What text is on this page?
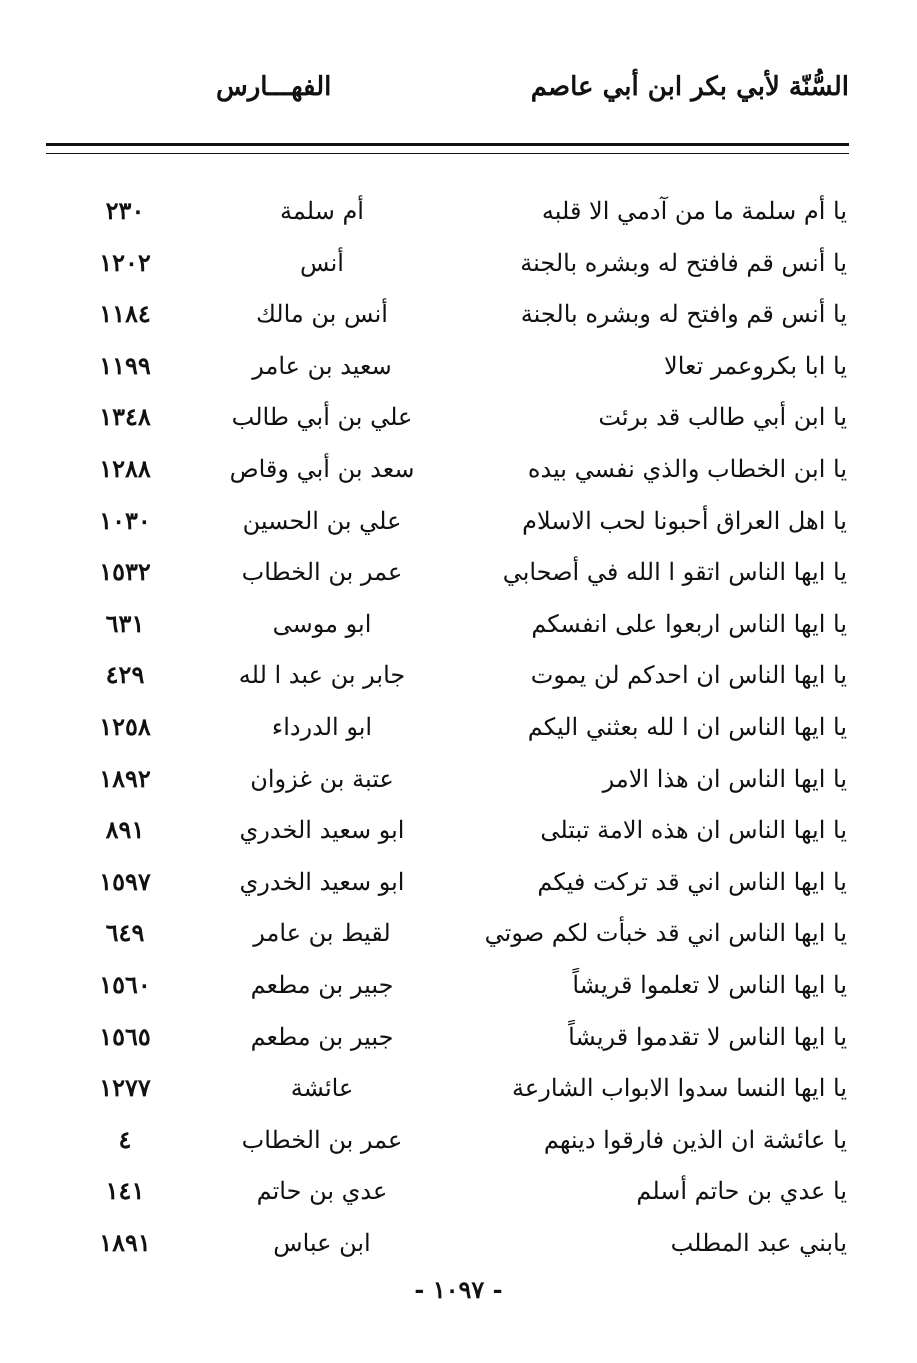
السُّنّة لأبي بكر ابن أبي عاصم
الفهـــارس
يا أم سلمة ما من آدمي الا قلبه
أم سلمة
٢٣٠
يا أنس قم فافتح له وبشره بالجنة
أنس
١٢٠٢
يا أنس قم وافتح له وبشره بالجنة
أنس بن مالك
١١٨٤
يا ابا بكروعمر تعالا
سعيد بن عامر
١١٩٩
يا ابن أبي طالب قد برئت
علي بن أبي طالب
١٣٤٨
يا ابن الخطاب والذي نفسي بيده
سعد بن أبي وقاص
١٢٨٨
يا اهل العراق أحبونا لحب الاسلام
علي بن الحسين
١٠٣٠
يا ايها الناس اتقو ا الله في أصحابي
عمر بن الخطاب
١٥٣٢
يا ايها الناس اربعوا على انفسكم
ابو موسى
٦٣١
يا ايها الناس ان احدكم لن يموت
جابر بن عبد ا لله
٤٢٩
يا ايها الناس ان ا لله بعثني اليكم
ابو الدرداء
١٢٥٨
يا ايها الناس ان هذا الامر
عتبة بن غزوان
١٨٩٢
يا ايها الناس ان هذه الامة تبتلى
ابو سعيد الخدري
٨٩١
يا ايها الناس اني قد تركت فيكم
ابو سعيد الخدري
١٥٩٧
يا ايها الناس اني قد خبأت لكم صوتي
لقيط بن عامر
٦٤٩
يا ايها الناس لا تعلموا قريشاً
جبير بن مطعم
١٥٦٠
يا ايها الناس لا تقدموا قريشاً
جبير بن مطعم
١٥٦٥
يا ايها النسا سدوا الابواب الشارعة
عائشة
١٢٧٧
يا عائشة ان الذين فارقوا دينهم
عمر بن الخطاب
٤
يا عدي بن حاتم أسلم
عدي بن حاتم
١٤١
يابني عبد المطلب
ابن عباس
١٨٩١
- ١٠٩٧ -
